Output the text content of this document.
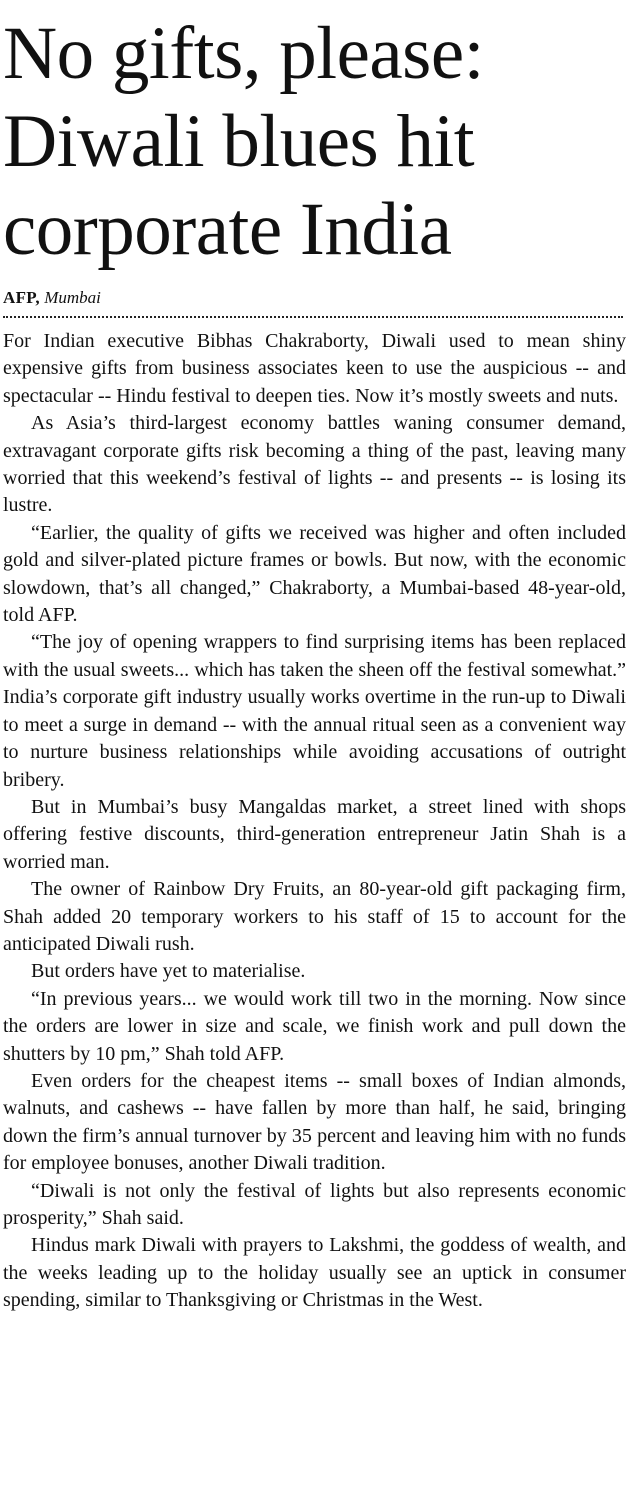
No gifts, please: Diwali blues hit corporate India
AFP, Mumbai

For Indian executive Bibhas Chakraborty, Diwali used to mean shiny expensive gifts from business associates keen to use the auspicious -- and spectacular -- Hindu festival to deepen ties. Now it’s mostly sweets and nuts.

As Asia’s third-largest economy battles waning consumer demand, extravagant corporate gifts risk becoming a thing of the past, leaving many worried that this weekend’s festival of lights -- and presents -- is losing its lustre.

“Earlier, the quality of gifts we received was higher and often included gold and silver-plated picture frames or bowls. But now, with the economic slowdown, that’s all changed,” Chakraborty, a Mumbai-based 48-year-old, told AFP.

“The joy of opening wrappers to find surprising items has been replaced with the usual sweets... which has taken the sheen off the festival somewhat.” India’s corporate gift industry usually works overtime in the run-up to Diwali to meet a surge in demand -- with the annual ritual seen as a convenient way to nurture business relationships while avoiding accusations of outright bribery.

But in Mumbai’s busy Mangaldas market, a street lined with shops offering festive discounts, third-generation entrepreneur Jatin Shah is a worried man.

The owner of Rainbow Dry Fruits, an 80-year-old gift packaging firm, Shah added 20 temporary workers to his staff of 15 to account for the anticipated Diwali rush.

But orders have yet to materialise.

“In previous years... we would work till two in the morning. Now since the orders are lower in size and scale, we finish work and pull down the shutters by 10 pm,” Shah told AFP.

Even orders for the cheapest items -- small boxes of Indian almonds, walnuts, and cashews -- have fallen by more than half, he said, bringing down the firm’s annual turnover by 35 percent and leaving him with no funds for employee bonuses, another Diwali tradition.

“Diwali is not only the festival of lights but also represents economic prosperity,” Shah said.

Hindus mark Diwali with prayers to Lakshmi, the goddess of wealth, and the weeks leading up to the holiday usually see an uptick in consumer spending, similar to Thanksgiving or Christmas in the West.
